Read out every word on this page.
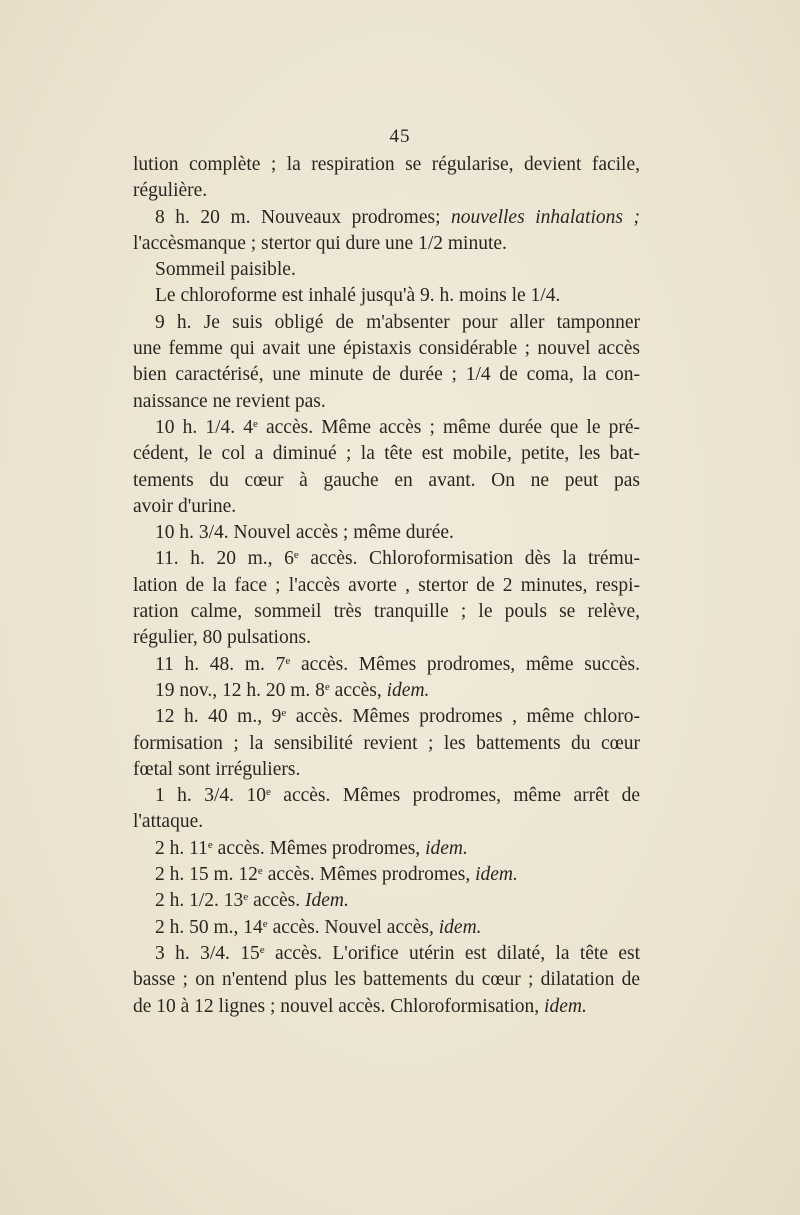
45
lution complète ; la respiration se régularise, devient facile,
régulière.
8 h. 20 m. Nouveaux prodromes; nouvelles inhalations ;
l'accèsmanque ; stertor qui dure une 1/2 minute.
Sommeil paisible.
Le chloroforme est inhalé jusqu'à 9. h. moins le 1/4.
9 h. Je suis obligé de m'absenter pour aller tamponner
une femme qui avait une épistaxis considérable ; nouvel accès
bien caractérisé, une minute de durée ; 1/4 de coma, la con-
naissance ne revient pas.
10 h. 1/4. 4e accès. Même accès ; même durée que le pré-
cédent, le col a diminué ; la tête est mobile, petite, les bat-
tements du cœur à gauche en avant. On ne peut pas
avoir d'urine.
10 h. 3/4. Nouvel accès ; même durée.
11. h. 20 m., 6e accès. Chloroformisation dès la trému-
lation de la face ; l'accès avorte , stertor de 2 minutes, respi-
ration calme, sommeil très tranquille ; le pouls se relève,
régulier, 80 pulsations.
11 h. 48. m. 7e accès. Mêmes prodromes, même succès.
19 nov., 12 h. 20 m. 8e accès, idem.
12 h. 40 m., 9e accès. Mêmes prodromes , même chloro-
formisation ; la sensibilité revient ; les battements du cœur
fœtal sont irréguliers.
1 h. 3/4. 10e accès. Mêmes prodromes, même arrêt de
l'attaque.
2 h. 11e accès. Mêmes prodromes, idem.
2 h. 15 m. 12e accès. Mêmes prodromes, idem.
2 h. 1/2. 13e accès. Idem.
2 h. 50 m., 14e accès. Nouvel accès, idem.
3 h. 3/4. 15e accès. L'orifice utérin est dilaté, la tête est
basse ; on n'entend plus les battements du cœur ; dilatation de
de 10 à 12 lignes ; nouvel accès. Chloroformisation, idem.
